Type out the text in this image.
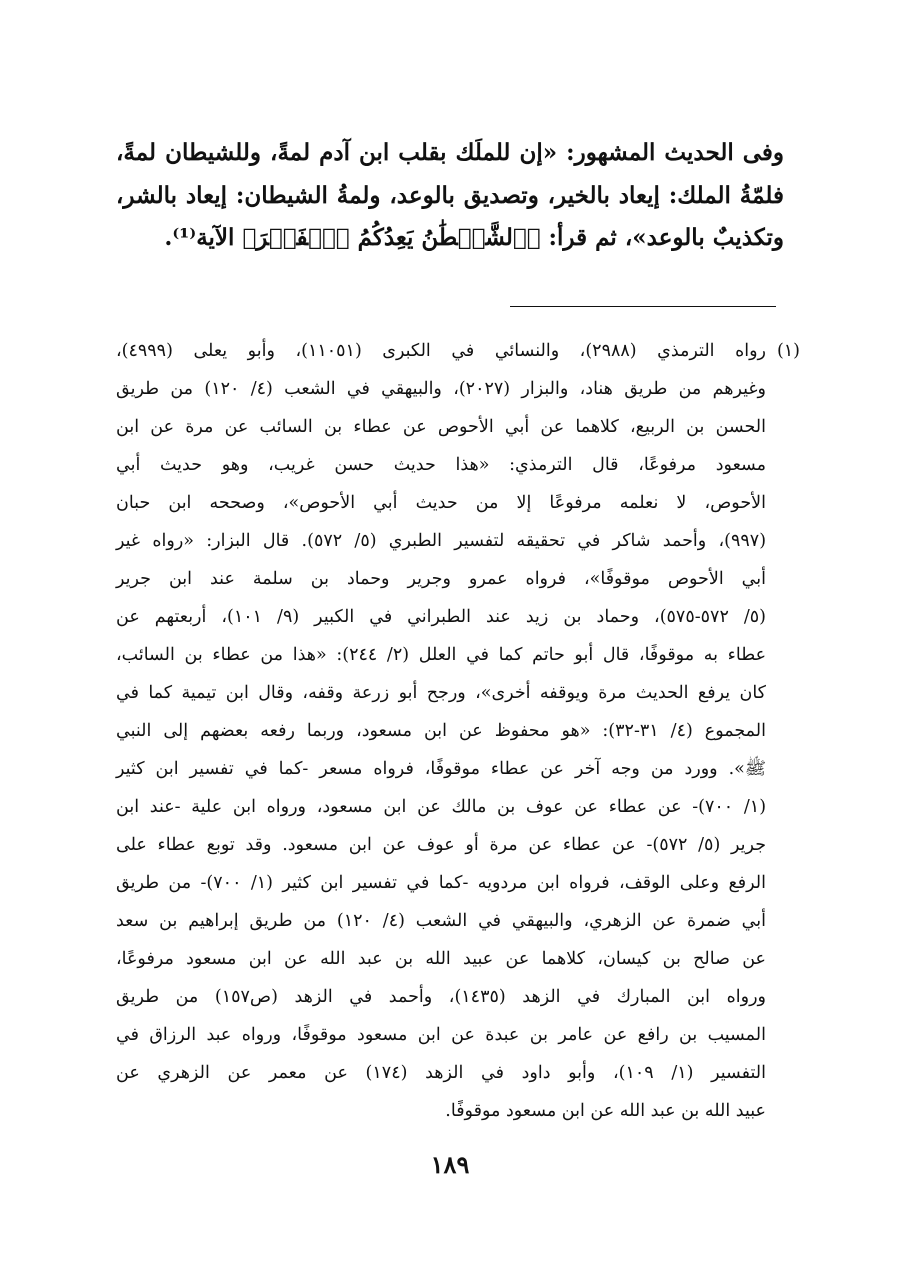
وفى الحديث المشهور: «إن للملَك بقلب ابن آدم لمةً، وللشيطان لمةً،
فلمّةُ الملك: إيعاد بالخير، وتصديق بالوعد، ولمةُ الشيطان: إيعاد بالشر،
وتكذيبٌ بالوعد»، ثم قرأ: ﴿ٱلشَّيۡطَٰنُ يَعِدُكُمُ ٱلۡفَقۡرَ﴾ الآية⁽¹⁾.
(١)
رواه الترمذي (٢٩٨٨)، والنسائي في الكبرى (١١٠٥١)، وأبو يعلى (٤٩٩٩)،
وغيرهم من طريق هناد، والبزار (٢٠٢٧)، والبيهقي في الشعب (٤/ ١٢٠) من طريق
الحسن بن الربيع، كلاهما عن أبي الأحوص عن عطاء بن السائب عن مرة عن ابن
مسعود مرفوعًا، قال الترمذي: «هذا حديث حسن غريب، وهو حديث أبي
الأحوص، لا نعلمه مرفوعًا إلا من حديث أبي الأحوص»، وصححه ابن حبان
(٩٩٧)، وأحمد شاكر في تحقيقه لتفسير الطبري (٥/ ٥٧٢). قال البزار: «رواه غير
أبي الأحوص موقوفًا»، فرواه عمرو وجرير وحماد بن سلمة عند ابن جرير
(٥/ ٥٧٢-٥٧٥)، وحماد بن زيد عند الطبراني في الكبير (٩/ ١٠١)، أربعتهم عن
عطاء به موقوفًا، قال أبو حاتم كما في العلل (٢/ ٢٤٤): «هذا من عطاء بن السائب،
كان يرفع الحديث مرة ويوقفه أخرى»، ورجح أبو زرعة وقفه، وقال ابن تيمية كما في
المجموع (٤/ ٣١-٣٢): «هو محفوظ عن ابن مسعود، وربما رفعه بعضهم إلى النبي
ﷺ». وورد من وجه آخر عن عطاء موقوفًا، فرواه مسعر -كما في تفسير ابن كثير
(١/ ٧٠٠)- عن عطاء عن عوف بن مالك عن ابن مسعود، ورواه ابن علية -عند ابن
جرير (٥/ ٥٧٢)- عن عطاء عن مرة أو عوف عن ابن مسعود. وقد توبع عطاء على
الرفع وعلى الوقف، فرواه ابن مردويه -كما في تفسير ابن كثير (١/ ٧٠٠)- من طريق
أبي ضمرة عن الزهري، والبيهقي في الشعب (٤/ ١٢٠) من طريق إبراهيم بن سعد
عن صالح بن كيسان، كلاهما عن عبيد الله بن عبد الله عن ابن مسعود مرفوعًا،
ورواه ابن المبارك في الزهد (١٤٣٥)، وأحمد في الزهد (ص١٥٧) من طريق
المسيب بن رافع عن عامر بن عبدة عن ابن مسعود موقوفًا، ورواه عبد الرزاق في
التفسير (١/ ١٠٩)، وأبو داود في الزهد (١٧٤) عن معمر عن الزهري عن
عبيد الله بن عبد الله عن ابن مسعود موقوفًا.
١٨٩
